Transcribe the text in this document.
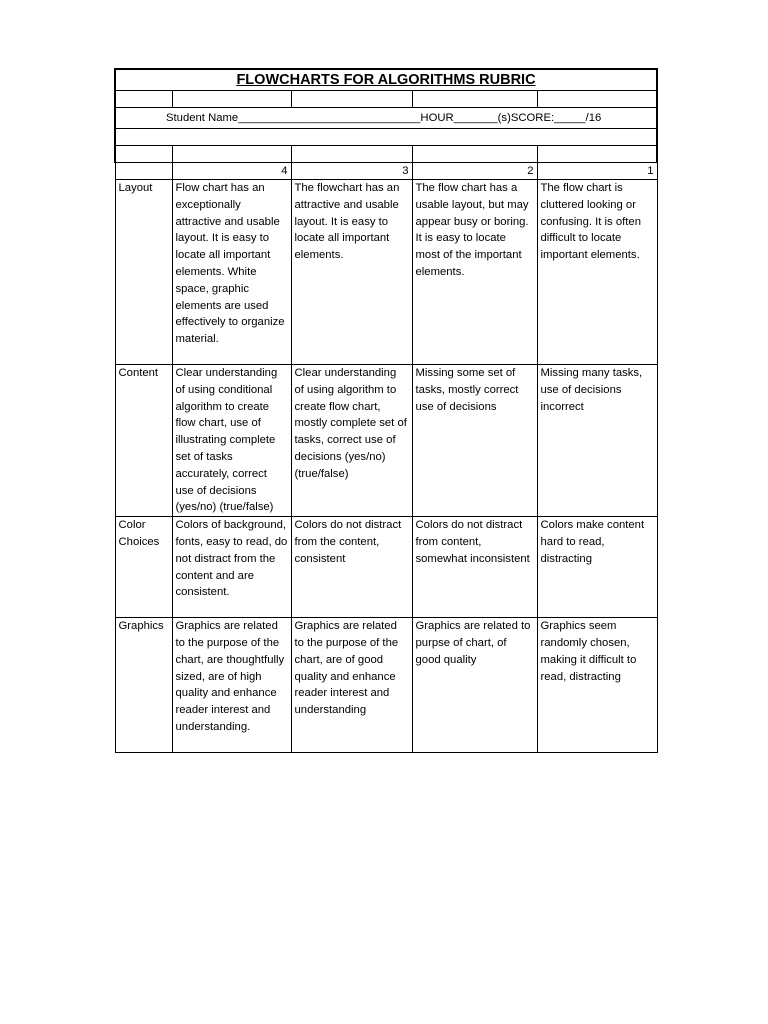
FLOWCHARTS FOR ALGORITHMS RUBRIC				

Student Name_____________________________HOUR_______(s)SCORE:_____/16				

	4	3	2	1
Layout	Flow chart has an exceptionally attractive and usable layout. It is easy to locate all important elements. White space, graphic elements are used effectively to organize material.	The flowchart has an attractive and usable layout. It is easy to locate all important elements.	The flow chart has a usable layout, but may appear busy or boring. It is easy to locate most of the important elements.	The flow chart is cluttered looking or confusing. It is often difficult to locate important elements.
Content	Clear understanding of using conditional algorithm to create flow chart, use of illustrating complete set of tasks accurately, correct use of decisions (yes/no) (true/false)	Clear understanding of using algorithm to create flow chart, mostly complete set of tasks, correct use of decisions (yes/no) (true/false)	Missing some set of tasks, mostly correct use of decisions	Missing many tasks, use of decisions incorrect
Color Choices	Colors of background, fonts, easy to read, do not distract from the content and are consistent.	Colors do not distract from the content, consistent	Colors do not distract from content, somewhat inconsistent	Colors make content hard to read, distracting
Graphics	Graphics are related to the purpose of the chart, are thoughtfully sized, are of high quality and enhance reader interest and understanding.	Graphics are related to the purpose of the chart, are of good quality and enhance reader interest and understanding	Graphics are related to purpse of chart, of good quality	Graphics seem randomly chosen, making it difficult to read, distracting
